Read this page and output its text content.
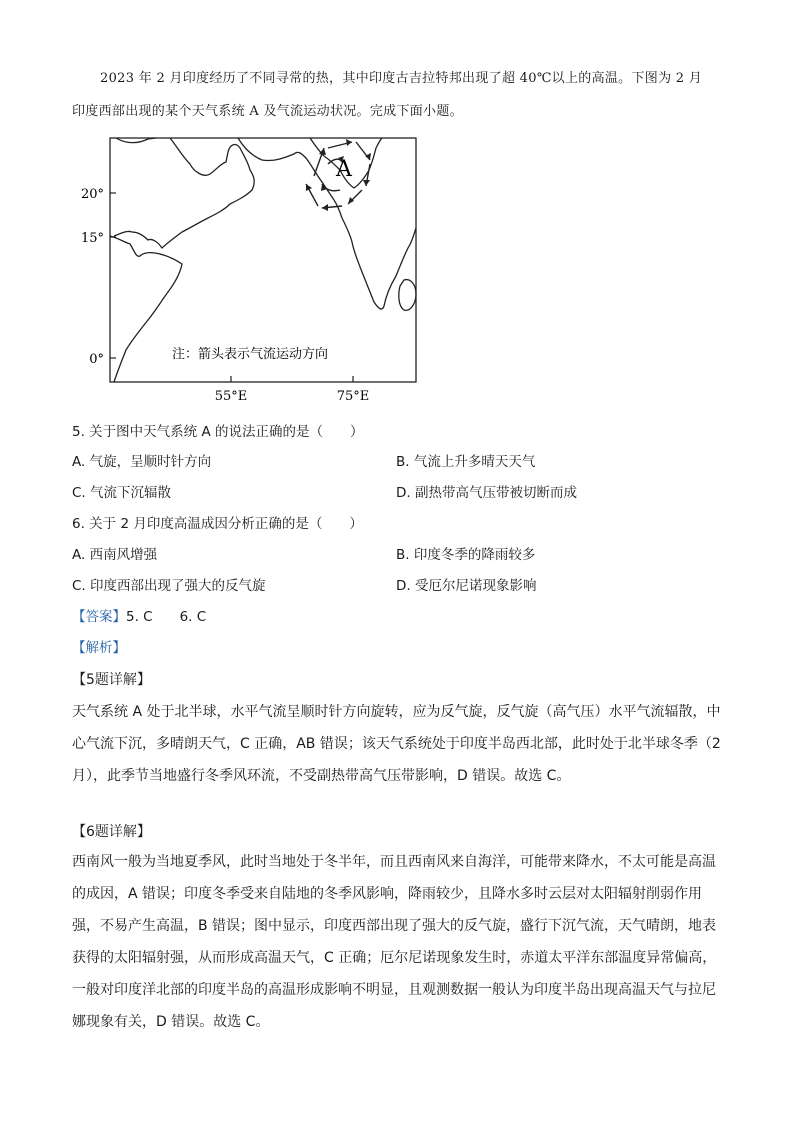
2023 年 2 月印度经历了不同寻常的热，其中印度古吉拉特邦出现了超 40℃以上的高温。下图为 2 月

印度西部出现的某个天气系统 A 及气流运动状况。完成下面小题。

20°
15°
0°
55°E	75°E
A
注：箭头表示气流运动方向
5. 关于图中天气系统 A 的说法正确的是（　　）
A. 气旋，呈顺时针方向	B. 气流上升多晴天天气
C. 气流下沉辐散	D. 副热带高气压带被切断而成
6. 关于 2 月印度高温成因分析正确的是（　　）
A. 西南风增强	B. 印度冬季的降雨较多
C. 印度西部出现了强大的反气旋	D. 受厄尔尼诺现象影响
【答案】5. C　　6. C
【解析】
【5题详解】

天气系统 A 处于北半球，水平气流呈顺时针方向旋转，应为反气旋，反气旋（高气压）水平气流辐散，中

心气流下沉，多晴朗天气，C 正确，AB 错误；该天气系统处于印度半岛西北部，此时处于北半球冬季（2

月），此季节当地盛行冬季风环流，不受副热带高气压带影响，D 错误。故选 C。

【6题详解】

西南风一般为当地夏季风，此时当地处于冬半年，而且西南风来自海洋，可能带来降水，不太可能是高温

的成因，A 错误；印度冬季受来自陆地的冬季风影响，降雨较少，且降水多时云层对太阳辐射削弱作用

强，不易产生高温，B 错误；图中显示，印度西部出现了强大的反气旋，盛行下沉气流，天气晴朗，地表

获得的太阳辐射强，从而形成高温天气，C 正确；厄尔尼诺现象发生时，赤道太平洋东部温度异常偏高，

一般对印度洋北部的印度半岛的高温形成影响不明显，且观测数据一般认为印度半岛出现高温天气与拉尼

娜现象有关，D 错误。故选 C。
